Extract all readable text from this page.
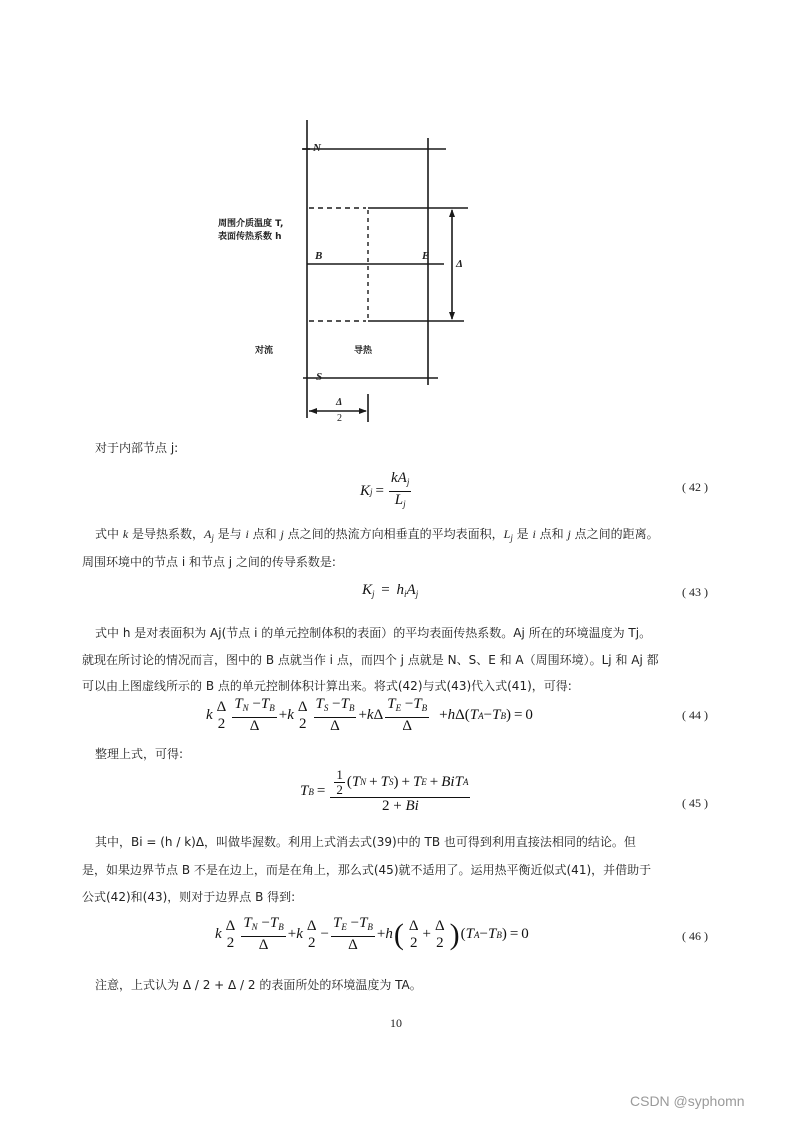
N
B	E
S
Δ
Δ
2
周围介质温度 T,
表面传热系数 h
对流	导热
对于内部节点 j:
K $j = \frac{kA_j}{L_j}$	( 42 )
式中 k 是导热系数，$A_j$ 是与 i 点和 j 点之间的热流方向相垂直的平均表面积，$L_j$ 是 i 点和 j 点之间的距离。
周围环境中的节点 i 和节点 j 之间的传导系数是:
$K_j = h_iA_j$	( 43 )
式中 h 是对表面积为 Aj(节点 i 的单元控制体积的表面）的平均表面传热系数。Aj 所在的环境温度为 Tj。
就现在所讨论的情况而言，图中的 B 点就当作 i 点，而四个 j 点就是 N、S、E 和 A（周围环境）。Lj 和 Aj 都
可以由上图虚线所示的 B 点的单元控制体积计算出来。将式(42)与式(43)代入式(41)，可得:
k
Δ
$2 \frac{T_N -T_B}{\Delta} + k$
Δ
$2 \frac{T_S -T_B}{\Delta} + k$ Δ $\frac{T_E -T_B}{\Delta} + h$ Δ ( T A − T B ) = 0	( 44 )
整理上式，可得:
T $B = \frac{\frac{1}{2} ( T N + T S ) + T E + Bi T A}{2 + Bi}$	( 45 )
其中，Bi = (h / k)Δ，叫做毕渥数。利用上式消去式(39)中的 TB 也可得到利用直接法相同的结论。但
是，如果边界节点 B 不是在边上，而是在角上，那么式(45)就不适用了。运用热平衡近似式(41)，并借助于
公式(42)和(43)，则对于边界点 B 得到:
k
Δ
$2 \frac{T_N -T_B}{\Delta} + k$
Δ
2
− $\frac{T_E -T_B}{\Delta} + h$ ( Δ
2
+
Δ
2 ) ( T A − T B ) = 0	( 46 )
注意，上式认为 Δ / 2 + Δ / 2 的表面所处的环境温度为 TA。
10
CSDN @syphomn
